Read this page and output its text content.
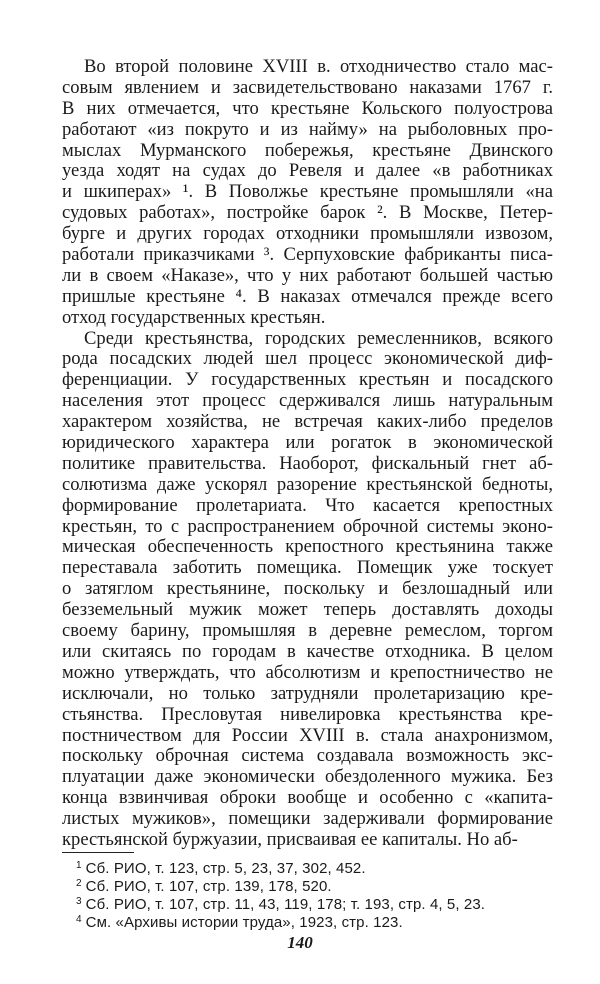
Во второй половине XVIII в. отходничество стало мас-
совым явлением и засвидетельствовано наказами 1767 г.
В них отмечается, что крестьяне Кольского полуострова
работают «из покруто и из найму» на рыболовных про-
мыслах Мурманского побережья, крестьяне Двинского
уезда ходят на судах до Ревеля и далее «в работниках
и шкиперах» ¹. В Поволжье крестьяне промышляли «на
судовых работах», постройке барок ². В Москве, Петер-
бурге и других городах отходники промышляли извозом,
работали приказчиками ³. Серпуховские фабриканты писа-
ли в своем «Наказе», что у них работают большей частью
пришлые крестьяне ⁴. В наказах отмечался прежде всего
отход государственных крестьян.
Среди крестьянства, городских ремесленников, всякого
рода посадских людей шел процесс экономической диф-
ференциации. У государственных крестьян и посадского
населения этот процесс сдерживался лишь натуральным
характером хозяйства, не встречая каких-либо пределов
юридического характера или рогаток в экономической
политике правительства. Наоборот, фискальный гнет аб-
солютизма даже ускорял разорение крестьянской бедноты,
формирование пролетариата. Что касается крепостных
крестьян, то с распространением оброчной системы эконо-
мическая обеспеченность крепостного крестьянина также
переставала заботить помещика. Помещик уже тоскует
о затяглом крестьянине, поскольку и безлошадный или
безземельный мужик может теперь доставлять доходы
своему барину, промышляя в деревне ремеслом, торгом
или скитаясь по городам в качестве отходника. В целом
можно утверждать, что абсолютизм и крепостничество не
исключали, но только затрудняли пролетаризацию кре-
стьянства. Пресловутая нивелировка крестьянства кре-
постничеством для России XVIII в. стала анахронизмом,
поскольку оброчная система создавала возможность экс-
плуатации даже экономически обездоленного мужика. Без
конца взвинчивая оброки вообще и особенно с «капита-
листых мужиков», помещики задерживали формирование
крестьянской буржуазии, присваивая ее капиталы. Но аб-
$^1$ Сб. РИО, т. 123, стр. 5, 23, 37, 302, 452.
$^2$ Сб. РИО, т. 107, стр. 139, 178, 520.
$^3$ Сб. РИО, т. 107, стр. 11, 43, 119, 178; т. 193, стр. 4, 5, 23.
$^4$ См. «Архивы истории труда», 1923, стр. 123.
140
